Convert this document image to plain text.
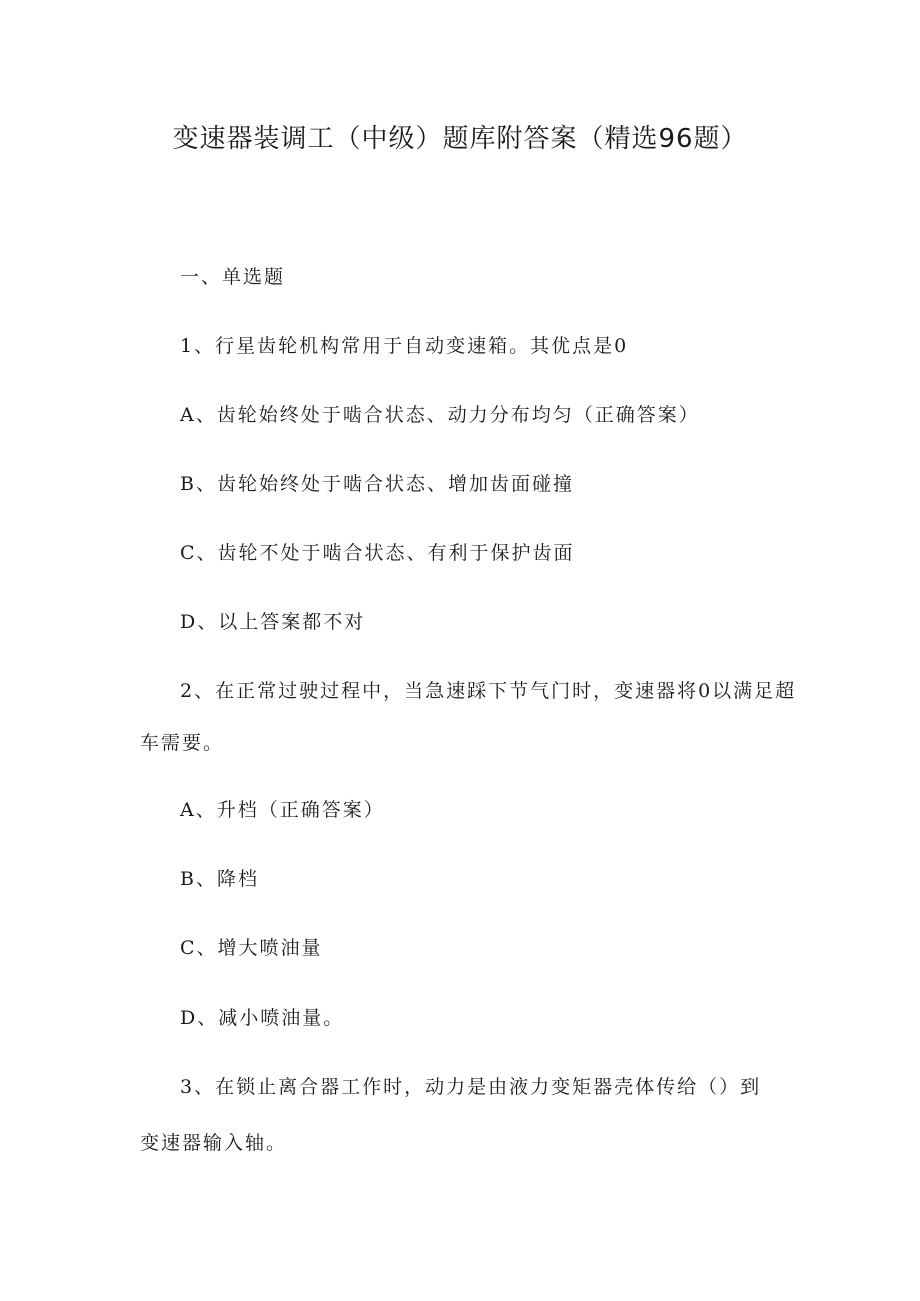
变速器装调工（中级）题库附答案（精选96题）
一、单选题
1、行星齿轮机构常用于自动变速箱。其优点是0
A、齿轮始终处于啮合状态、动力分布均匀（正确答案）
B、齿轮始终处于啮合状态、增加齿面碰撞
C、齿轮不处于啮合状态、有利于保护齿面
D、以上答案都不对
2、在正常过驶过程中，当急速踩下节气门时，变速器将0以满足超
车需要。
A、升档（正确答案）
B、降档
C、增大喷油量
D、减小喷油量。
3、在锁止离合器工作时，动力是由液力变矩器壳体传给（）到
变速器输入轴。
